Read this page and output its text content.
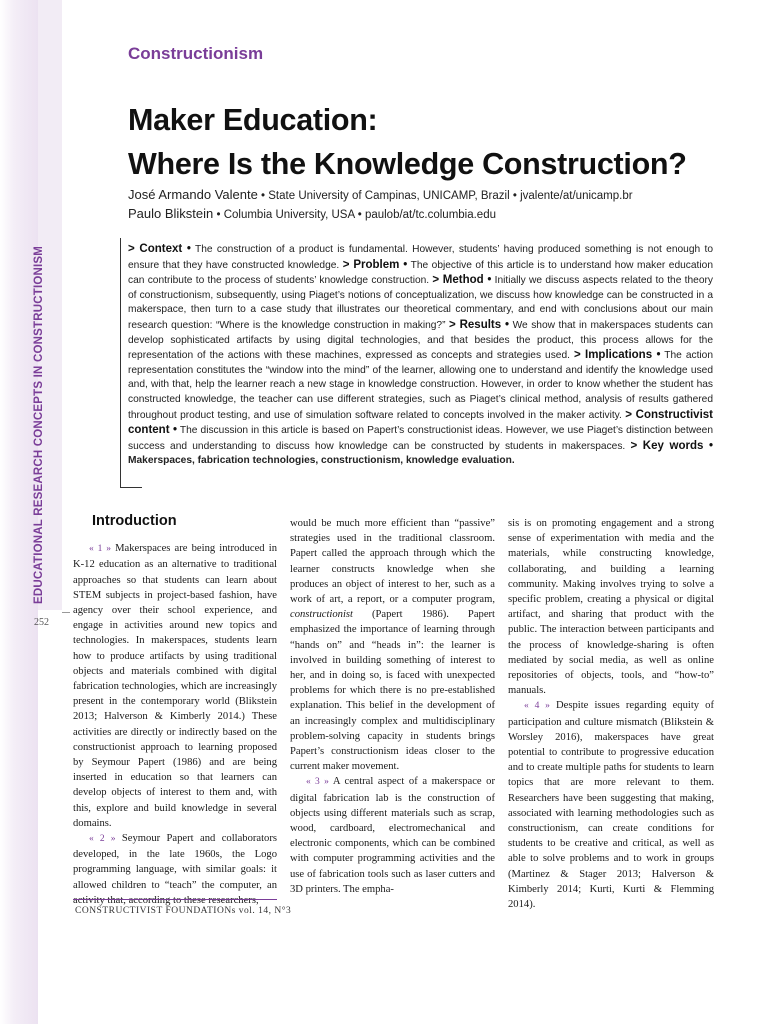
EDUCATIONAL RESEARCH CONCEPTS IN CONSTRUCTIONISM
252
Constructionism
Maker Education:
Where Is the Knowledge Construction?
José Armando Valente • State University of Campinas, UNICAMP, Brazil • jvalente/at/unicamp.br
Paulo Blikstein • Columbia University, USA • paulob/at/tc.columbia.edu

> Context • The construction of a product is fundamental. However, students’ having produced something is not enough to ensure that they have constructed knowledge. > Problem • The objective of this article is to understand how maker education can contribute to the process of students’ knowledge construction. > Method • Initially we discuss aspects related to the theory of constructionism, subsequently, using Piaget’s notions of conceptualization, we discuss how knowledge can be constructed in a makerspace, then turn to a case study that illustrates our theoretical commentary, and end with conclusions about our main research question: “Where is the knowledge construction in making?” > Results • We show that in makerspaces students can develop sophisticated artifacts by using digital technologies, and that besides the product, this process allows for the representation of the actions with these machines, expressed as concepts and strategies used. > Implications • The action representation constitutes the “window into the mind” of the learner, allowing one to understand and identify the knowledge used and, with that, help the learner reach a new stage in knowledge construction. However, in order to know whether the student has constructed knowledge, the teacher can use different strategies, such as Piaget’s clinical method, analysis of results gathered throughout product testing, and use of simulation software related to concepts involved in the maker activity. > Constructivist content • The discussion in this article is based on Papert’s constructionist ideas. However, we use Piaget’s distinction between success and understanding to discuss how knowledge can be constructed by students in makerspaces. > Key words • Makerspaces, fabrication technologies, constructionism, knowledge evaluation.

Introduction

« 1 » Makerspaces are being introduced in K-12 education as an alternative to traditional approaches so that students can learn about STEM subjects in project-based fashion, have agency over their school experience, and engage in activities around new topics and technologies. In makerspaces, students learn how to produce artifacts by using traditional objects and materials combined with digital fabrication technologies, which are increasingly present in the contemporary world (Blikstein 2013; Halverson & Kimberly 2014.) These activities are directly or indirectly based on the constructionist approach to learning proposed by Seymour Papert (1986) and are being inserted in education so that learners can develop objects of interest to them and, with this, explore and build knowledge in several domains.

« 2 » Seymour Papert and collaborators developed, in the late 1960s, the Logo programming language, with similar goals: it allowed children to “teach” the computer, an activity that, according to these researchers,

would be much more efficient than “passive” strategies used in the traditional classroom. Papert called the approach through which the learner constructs knowledge when she produces an object of interest to her, such as a work of art, a report, or a computer program, constructionist (Papert 1986). Papert emphasized the importance of learning through “hands on” and “heads in”: the learner is involved in building something of interest to her, and in doing so, is faced with unexpected problems for which there is no pre-established explanation. This belief in the development of an increasingly complex and multidisciplinary problem-solving capacity in students brings Papert’s constructionism ideas closer to the current maker movement.

« 3 » A central aspect of a makerspace or digital fabrication lab is the construction of objects using different materials such as scrap, wood, cardboard, electromechanical and electronic components, which can be combined with computer programming activities and the use of fabrication tools such as laser cutters and 3D printers. The empha-

sis is on promoting engagement and a strong sense of experimentation with media and the materials, while constructing knowledge, collaborating, and building a learning community. Making involves trying to solve a specific problem, creating a physical or digital artifact, and sharing that product with the public. The interaction between participants and the process of knowledge-sharing is often mediated by social media, as well as online repositories of objects, tools, and “how-to” manuals.

« 4 » Despite issues regarding equity of participation and culture mismatch (Blikstein & Worsley 2016), makerspaces have great potential to contribute to progressive education and to create multiple paths for students to learn topics that are more relevant to them. Researchers have been suggesting that making, associated with learning methodologies such as constructionism, can create conditions for students to be creative and critical, as well as able to solve problems and to work in groups (Martinez & Stager 2013; Halverson & Kimberly 2014; Kurti, Kurti & Flemming 2014).

CONSTRUCTIVIST FOUNDATIONs vol. 14, N°3
